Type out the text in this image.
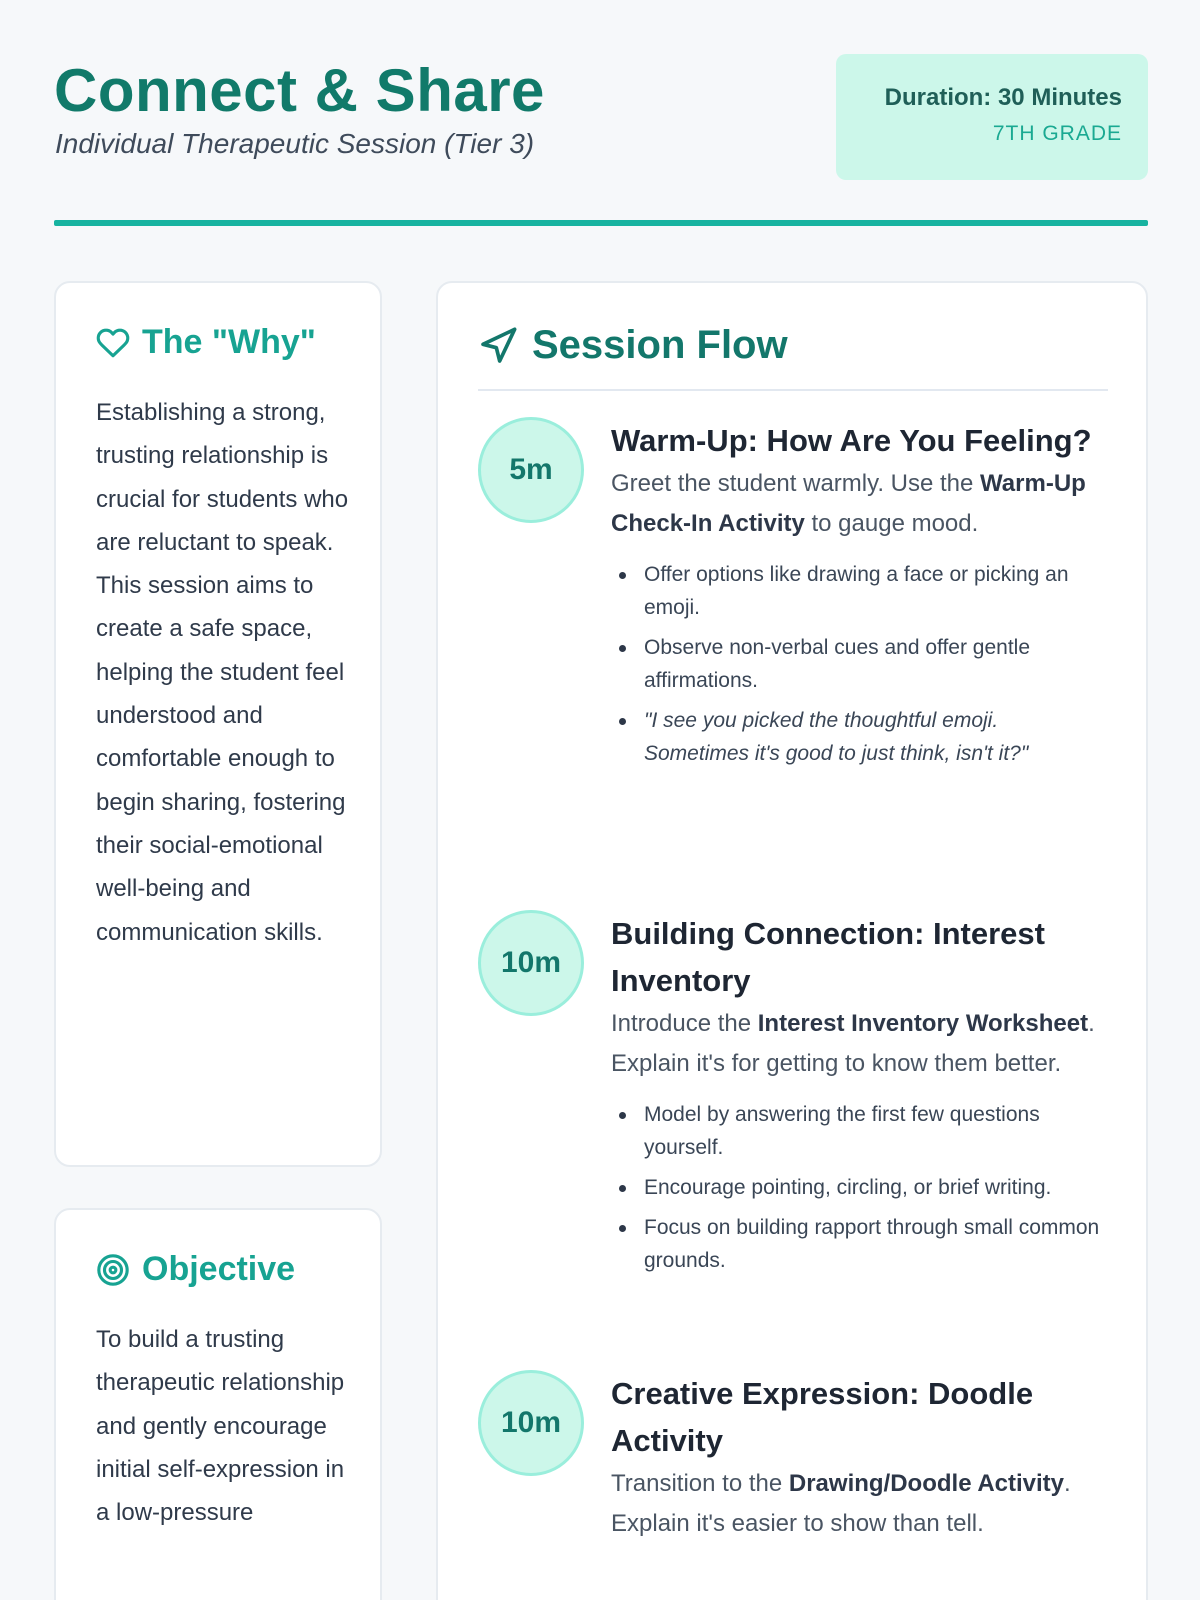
Connect & Share
Individual Therapeutic Session (Tier 3)
Duration: 30 Minutes
7TH GRADE
The "Why"
Establishing a strong, trusting relationship is crucial for students who are reluctant to speak. This session aims to create a safe space, helping the student feel understood and comfortable enough to begin sharing, fostering their social-emotional well-being and communication skills.
Objective
To build a trusting therapeutic relationship and gently encourage initial self-expression in a low-pressure
Session Flow
5m
Warm-Up: How Are You Feeling?
Greet the student warmly. Use the Warm-Up Check-In Activity to gauge mood.
Offer options like drawing a face or picking an emoji.
Observe non-verbal cues and offer gentle affirmations.
"I see you picked the thoughtful emoji. Sometimes it's good to just think, isn't it?"
10m
Building Connection: Interest Inventory
Introduce the Interest Inventory Worksheet. Explain it's for getting to know them better.
Model by answering the first few questions yourself.
Encourage pointing, circling, or brief writing.
Focus on building rapport through small common grounds.
10m
Creative Expression: Doodle Activity
Transition to the Drawing/Doodle Activity. Explain it's easier to show than tell.
